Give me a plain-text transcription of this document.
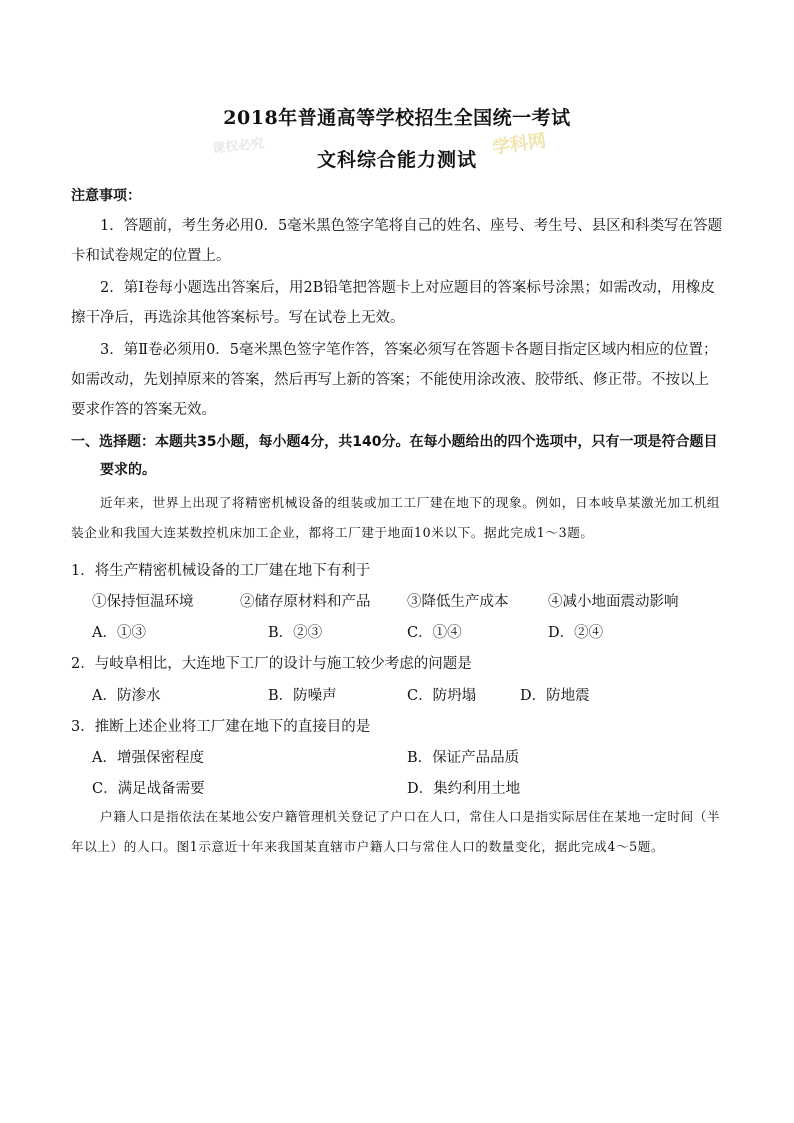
课权必究	学科网
2018年普通高等学校招生全国统一考试
文科综合能力测试
注意事项：

1．答题前，考生务必用0．5毫米黑色签字笔将自己的姓名、座号、考生号、县区和科类写在答题卡和试卷规定的位置上。

2．第Ⅰ卷每小题选出答案后，用2B铅笔把答题卡上对应题目的答案标号涂黑；如需改动，用橡皮擦干净后，再选涂其他答案标号。写在试卷上无效。

3．第Ⅱ卷必须用0．5毫米黑色签字笔作答，答案必须写在答题卡各题目指定区域内相应的位置；如需改动，先划掉原来的答案，然后再写上新的答案；不能使用涂改液、胶带纸、修正带。不按以上要求作答的答案无效。

一、选择题：本题共35小题，每小题4分，共140分。在每小题给出的四个选项中，只有一项是符合题目
要求的。

近年来，世界上出现了将精密机械设备的组装或加工工厂建在地下的现象。例如，日本岐阜某激光加工机组装企业和我国大连某数控机床加工企业，都将工厂建于地面10米以下。据此完成1～3题。

1．将生产精密机械设备的工厂建在地下有利于
①保持恒温环境	②储存原材料和产品	③降低生产成本	④减小地面震动影响
A．①③	B．②③	C．①④	D．②④
2．与岐阜相比，大连地下工厂的设计与施工较少考虑的问题是
A．防渗水	B．防噪声	C．防坍塌	D．防地震
3．推断上述企业将工厂建在地下的直接目的是
A．增强保密程度	B．保证产品品质
C．满足战备需要	D．集约利用土地

户籍人口是指依法在某地公安户籍管理机关登记了户口在人口，常住人口是指实际居住在某地一定时间（半年以上）的人口。图1示意近十年来我国某直辖市户籍人口与常住人口的数量变化，据此完成4～5题。
